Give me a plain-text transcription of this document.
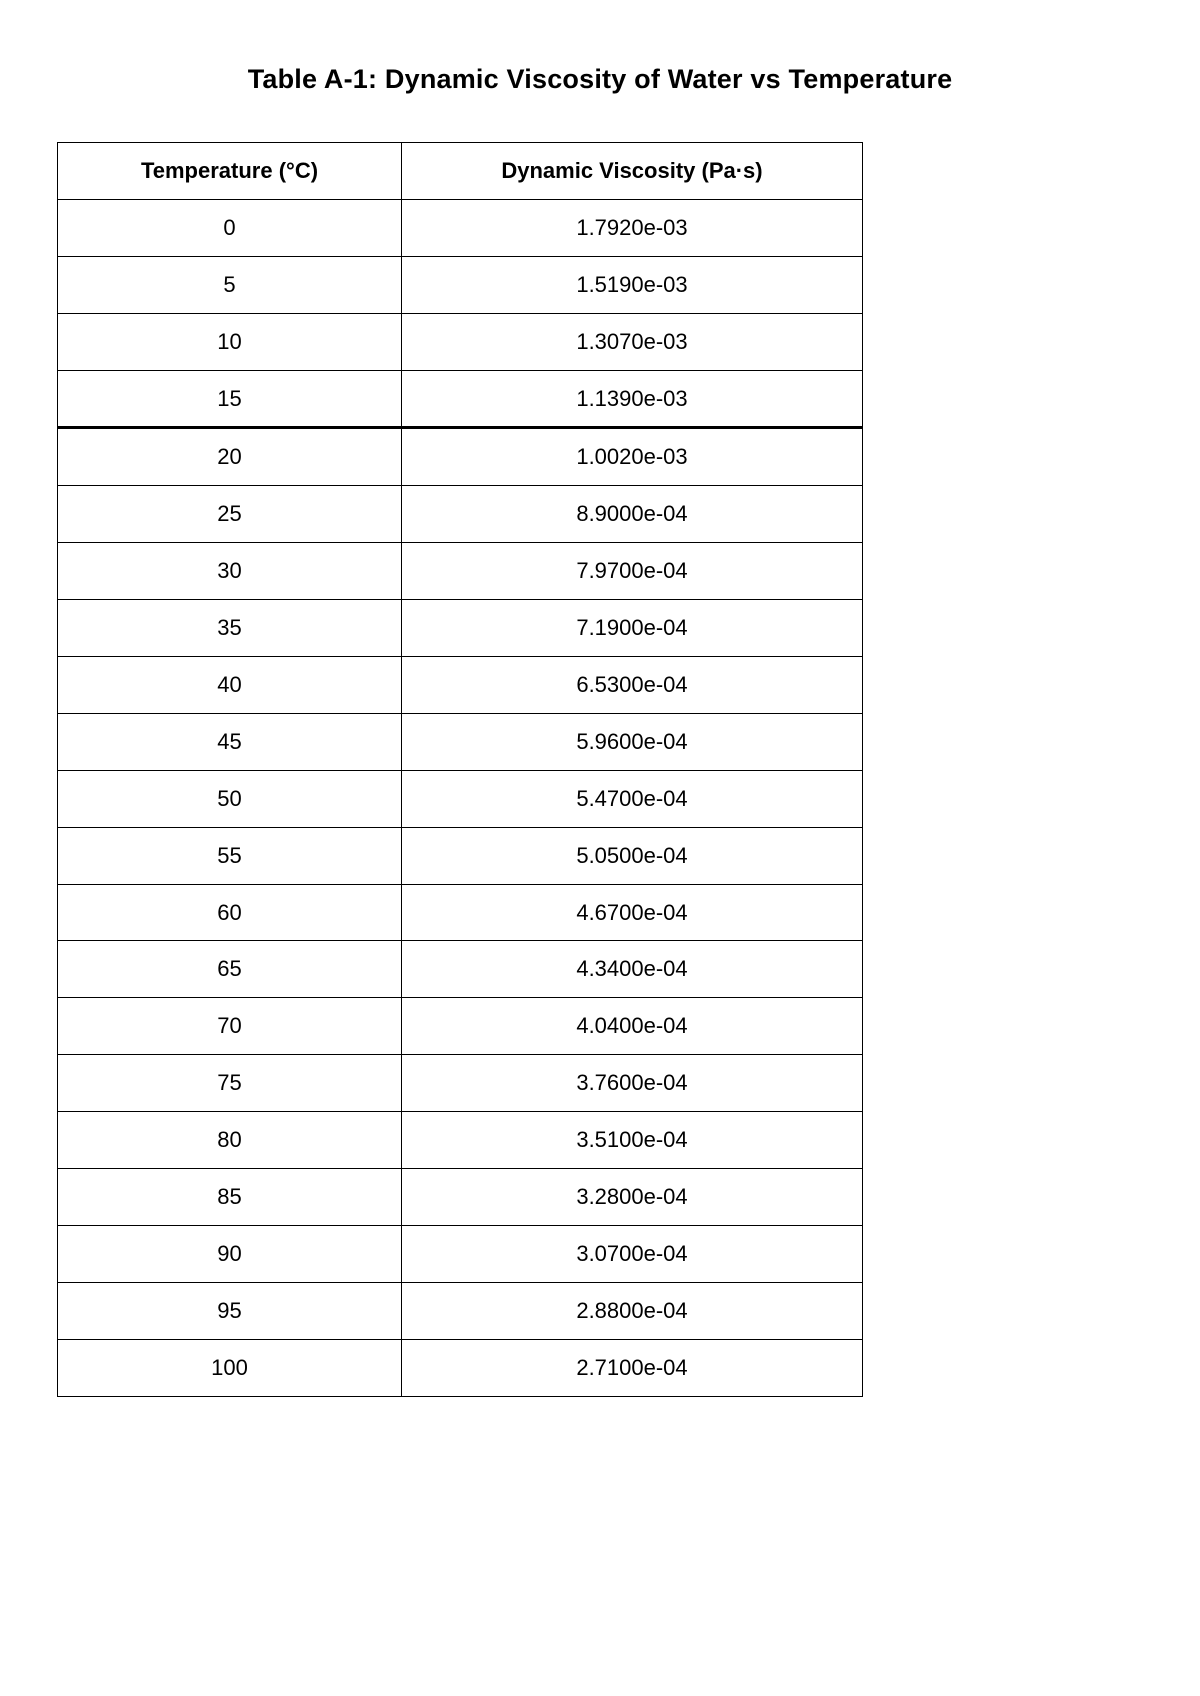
Table A-1: Dynamic Viscosity of Water vs Temperature
Temperature (°C)	Dynamic Viscosity (Pa·s)
0	1.7920e-03
5	1.5190e-03
10	1.3070e-03
15	1.1390e-03
20	1.0020e-03
25	8.9000e-04
30	7.9700e-04
35	7.1900e-04
40	6.5300e-04
45	5.9600e-04
50	5.4700e-04
55	5.0500e-04
60	4.6700e-04
65	4.3400e-04
70	4.0400e-04
75	3.7600e-04
80	3.5100e-04
85	3.2800e-04
90	3.0700e-04
95	2.8800e-04
100	2.7100e-04
